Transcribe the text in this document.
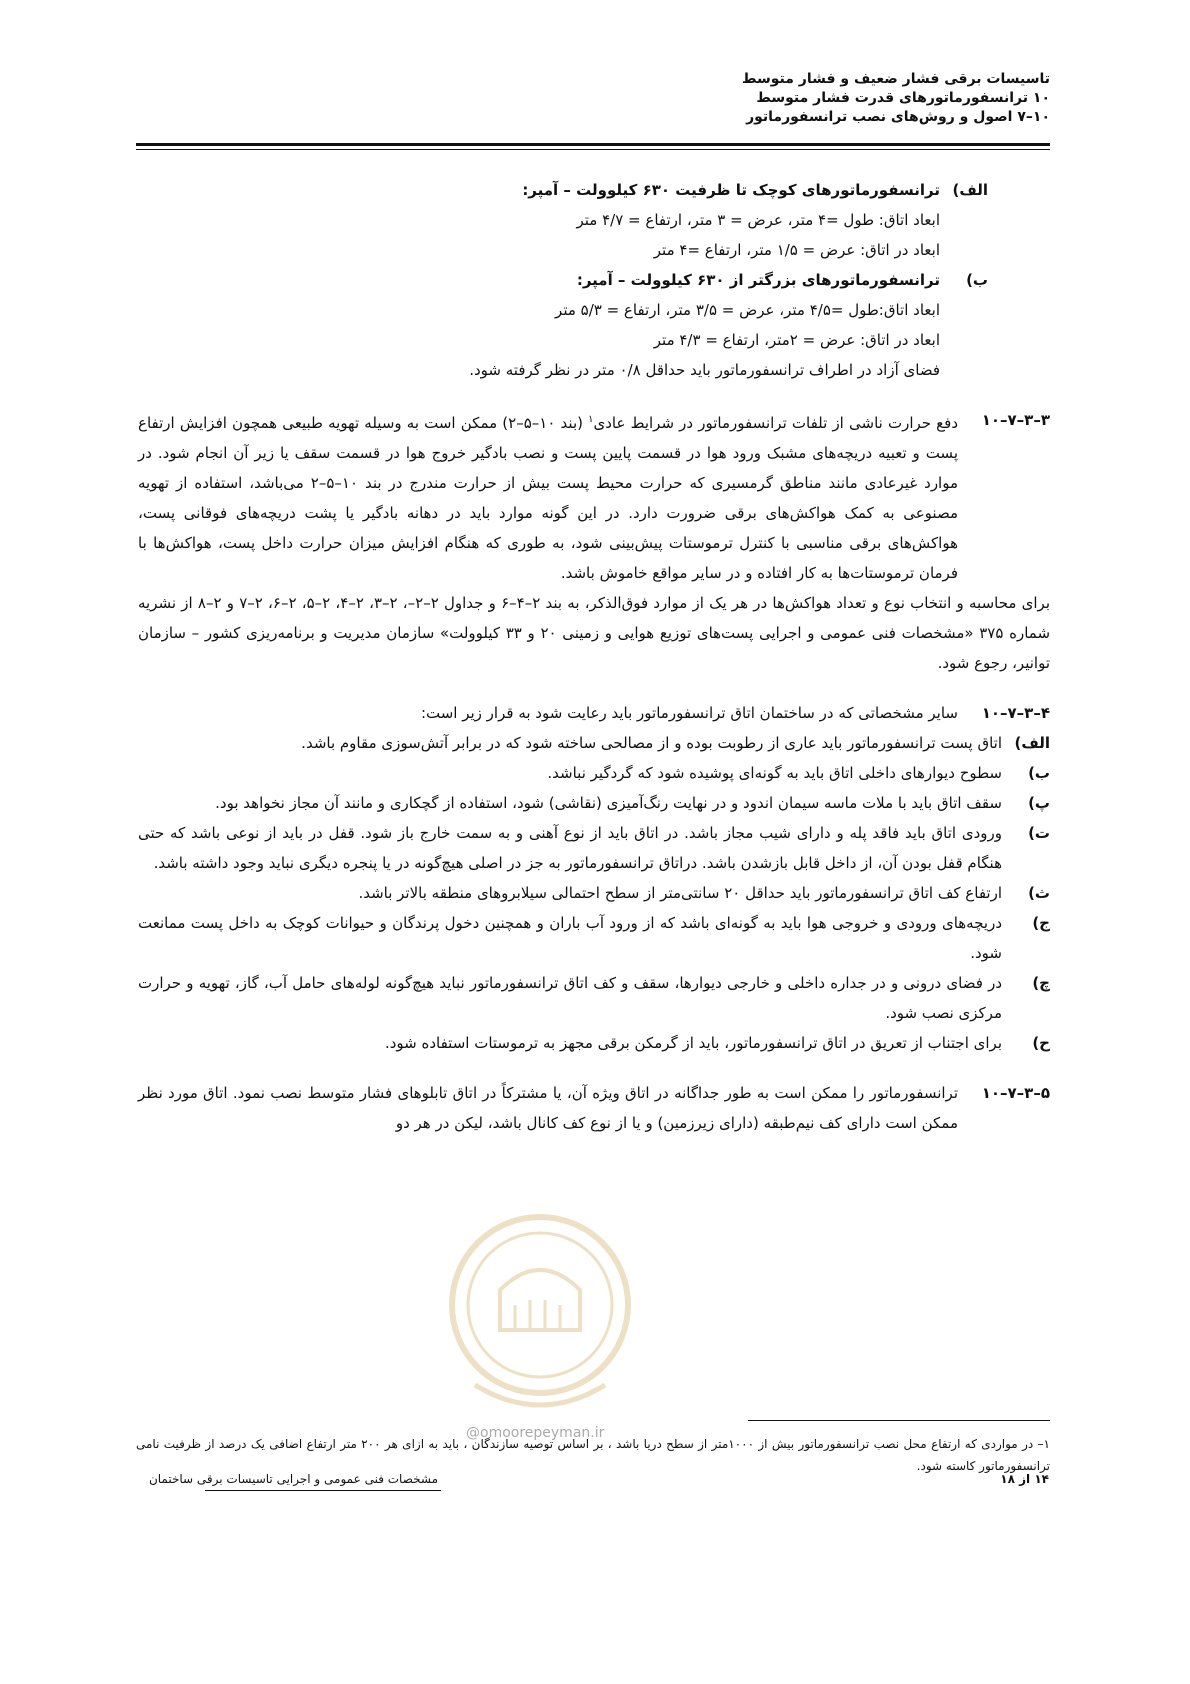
تاسیسات برقی فشار ضعیف و فشار متوسط
۱۰ ترانسفورماتورهای قدرت فشار متوسط
۱۰–۷ اصول و روش‌های نصب ترانسفورماتور
الف)
ترانسفورماتورهای کوچک تا ظرفیت ۶۳۰ کیلوولت – آمپر:

ابعاد اتاق: طول =۴ متر، عرض = ۳ متر، ارتفاع = ۴/۷ متر

ابعاد در اتاق: عرض = ۱/۵ متر، ارتفاع =۴ متر

ب)
ترانسفورماتورهای بزرگتر از ۶۳۰ کیلوولت – آمپر:

ابعاد اتاق:طول =۴/۵ متر، عرض = ۳/۵ متر، ارتفاع = ۵/۳ متر

ابعاد در اتاق: عرض = ۲متر، ارتفاع = ۴/۳ متر

فضای آزاد در اطراف ترانسفورماتور باید حداقل ۰/۸ متر در نظر گرفته شود.

۱۰–۷–۳–۳

دفع حرارت ناشی از تلفات ترانسفورماتور در شرایط عادی$^۱$ (بند ۱۰–۵–۲) ممکن است به وسیله تهویه طبیعی همچون افزایش ارتفاع پست و تعبیه دریچه‌های مشبک ورود هوا در قسمت پایین پست و نصب بادگیر خروج هوا در قسمت سقف یا زیر آن انجام شود. در موارد غیرعادی مانند مناطق گرمسیری که حرارت محیط پست بیش از حرارت مندرج در بند ۱۰–۵–۲ می‌باشد، استفاده از تهویه مصنوعی به کمک هواکش‌های برقی ضرورت دارد. در این گونه موارد باید در دهانه بادگیر یا پشت دریچه‌های فوقانی پست، هواکش‌های برقی مناسبی با کنترل ترموستات پیش‌بینی شود، به طوری که هنگام افزایش میزان حرارت داخل پست، هواکش‌ها با فرمان ترموستات‌ها به کار افتاده و در سایر مواقع خاموش باشد.

برای محاسبه و انتخاب نوع و تعداد هواکش‌ها در هر یک از موارد فوق‌الذکر، به بند ۲–۴–۶ و جداول ۲–۲–، ۲–۳، ۲–۴، ۲–۵، ۲–۶، ۲–۷ و ۲–۸ از نشریه شماره ۳۷۵ «مشخصات فنی عمومی و اجرایی پست‌های توزیع هوایی و زمینی ۲۰ و ۳۳ کیلوولت» سازمان مدیریت و برنامه‌ریزی کشور – سازمان توانیر، رجوع شود.

۱۰–۷–۳–۴

سایر مشخصاتی که در ساختمان اتاق ترانسفورماتور باید رعایت شود به قرار زیر است:

الف)
اتاق پست ترانسفورماتور باید عاری از رطوبت بوده و از مصالحی ساخته شود که در برابر آتش‌سوزی مقاوم باشد.
ب)
سطوح دیوارهای داخلی اتاق باید به گونه‌ای پوشیده شود که گردگیر نباشد.
پ)
سقف اتاق باید با ملات ماسه سیمان اندود و در نهایت رنگ‌آمیزی (نقاشی) شود، استفاده از گچکاری و مانند آن مجاز نخواهد بود.
ت)
ورودی اتاق باید فاقد پله و دارای شیب مجاز باشد. در اتاق باید از نوع آهنی و به سمت خارج باز شود. قفل در باید از نوعی باشد که حتی هنگام قفل بودن آن، از داخل قابل بازشدن باشد. دراتاق ترانسفورماتور به جز در اصلی هیچ‌گونه در یا پنجره دیگری نباید وجود داشته باشد.
ث)
ارتفاع کف اتاق ترانسفورماتور باید حداقل ۲۰ سانتی‌متر از سطح احتمالی سیلابروهای منطقه بالاتر باشد.
ج)
دریچه‌های ورودی و خروجی هوا باید به گونه‌ای باشد که از ورود آب باران و همچنین دخول پرندگان و حیوانات کوچک به داخل پست ممانعت شود.
چ)
در فضای درونی و در جداره داخلی و خارجی دیوارها، سقف و کف اتاق ترانسفورماتور نباید هیچ‌گونه لوله‌های حامل آب، گاز، تهویه و حرارت مرکزی نصب شود.
ح)
برای اجتناب از تعریق در اتاق ترانسفورماتور، باید از گرمکن برقی مجهز به ترموستات استفاده شود.
۱۰–۷–۳–۵

ترانسفورماتور را ممکن است به طور جداگانه در اتاق ویژه آن، یا مشترکاً در اتاق تابلوهای فشار متوسط نصب نمود. اتاق مورد نظر ممکن است دارای کف نیم‌طبقه (دارای زیرزمین) و یا از نوع کف کانال باشد، لیکن در هر دو

@omoorepeyman.ir

۱– در مواردی که ارتفاع محل نصب ترانسفورماتور بیش از ۱۰۰۰متر از سطح دریا باشد ، بر اساس توصیه سازندگان ، باید به ازای هر ۲۰۰ متر ارتفاع اضافی یک درصد از ظرفیت نامی ترانسفورماتور کاسته شود.

مشخصات فنی عمومی و اجرایی تاسیسات برقی ساختمان	۱۴ از ۱۸
